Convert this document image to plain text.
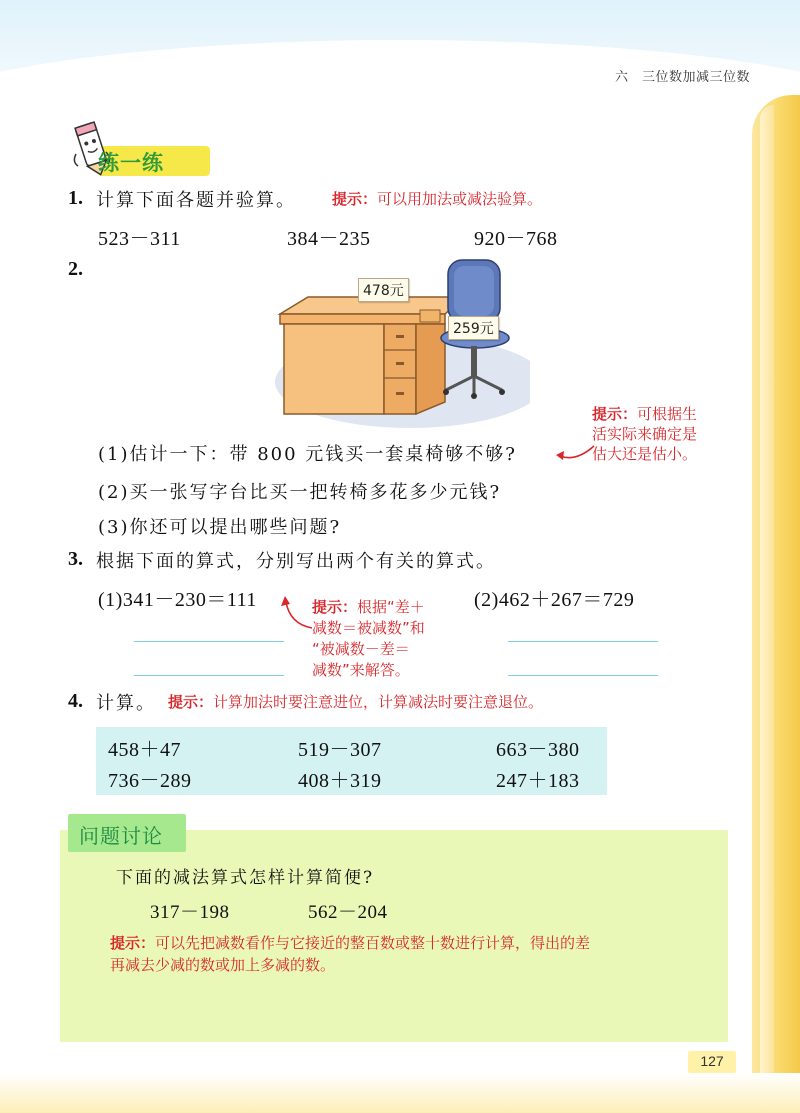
六　三位数加减三位数
练一练
1. 计算下面各题并验算。 提示：可以用加法或减法验算。
523－311	384－235	920－768
2.
478元
259元
(1)估计一下：带 800 元钱买一套桌椅够不够?
(2)买一张写字台比买一把转椅多花多少元钱?
(3)你还可以提出哪些问题?
提示：可根据生
活实际来确定是
估大还是估小。
3. 根据下面的算式，分别写出两个有关的算式。
(1)341－230＝111	(2)462＋267＝729
提示：根据“差＋
减数＝被减数”和
“被减数－差＝
减数”来解答。
4. 计算。 提示：计算加法时要注意进位，计算减法时要注意退位。
458＋47	519－307	663－380
736－289	408＋319	247＋183
问题讨论
下面的减法算式怎样计算简便?
317－198	562－204
提示：可以先把减数看作与它接近的整百数或整十数进行计算，得出的差
再减去少减的数或加上多减的数。
127
